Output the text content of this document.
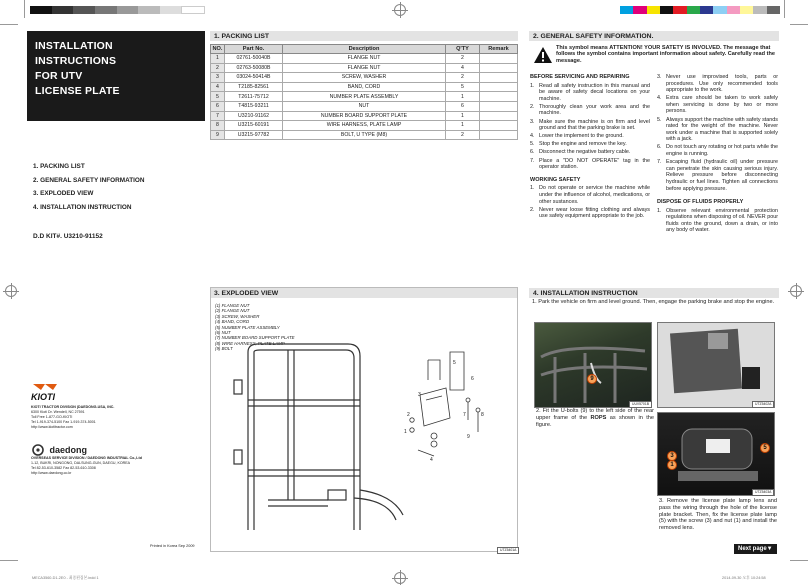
INSTALLATION
INSTRUCTIONS
FOR UTV
LICENSE PLATE
1. PACKING LIST
2. GENERAL SAFETY INFORMATION
3. EXPLODED VIEW
4. INSTALLATION INSTRUCTION
D.D KIT#. U3210-91152
KIOTI
KIOTI TRACTOR DIVISION (DAEDONG-USA, INC.
6300 Kioti Dr. Wendell, NC 27591
Toll Free 1-877-GO-KIOTI
Tel 1-919-374-5100 Fax 1-919-374-5001
http://www.kiotitractor.com
daedong
OVERSEAS SERVICE DIVISION / DAEDONG INDUSTRIAL Co.,Ltd
1-12, BUKRI, NONGONG, DALSUNG-GUN, DAEGU, KOREA
Tel 82-53-610-3582 Fax 82-53-610-3308
http://www.daedong.co.kr
Printed in Korea Sep 2009
1. PACKING LIST
NO.	Part No.	Description	Q'TY	Remark
1	02761-50040B	FLANGE NUT	2	
2	02763-50080B	FLANGE NUT	4	
3	03024-50414B	SCREW, WASHER	2	
4	T2185-82561	BAND, CORD	5	
5	T2611-75712	NUMBER PLATE ASSEMBLY	1	
6	T4815-93211	NUT	6	
7	U3210-91162	NUMBER BOARD SUPPORT PLATE	1	
8	U3215-60191	WIRE HARNESS, PLATE LAMP	1	
9	U3215-97782	BOLT, U TYPE (M8)	2	
2. GENERAL SAFETY INFORMATION.
This symbol means ATTENTION! YOUR SATETY IS INVOLVED. The message that follows the symbol contains important information about safety. Carefully read the message.
BEFORE SERVICING AND REPAIRING
1. Read all safety instruction in this manual and be aware of safety decal locations on your machine.
2. Thoroughly clean your work area and the machine.
3. Make sure the machine is on firm and level ground and that the parking brake is set.
4. Lower the implement to the ground.
5. Stop the engine and remove the key.
6. Disconnect the negative battery cable.
7. Place a "DO NOT OPERATE" tag in the operator station.
WORKING SAFETY
1. Do not operate or service the machine while under the influence of alcohol, medications, or other sustances.
2. Never wear loose fitting clothing and always use safety equipment appropriate to the job.
3. Never use improvised tools, parts or procedures. Use only recommended tools appropriate to the work.
4. Extra care should be taken to work safely when servicing is done by two or more persons.
5. Always support the machine with safety stands rated for the weight of the machine. Never work under a machine that is supported solely with a jack.
6. Do not touch any rotating or hot parts while the engine is running.
7. Escaping fluid (hydraulic oil) under pressure can penetrate the skin causing serious injury. Relieve pressure before disconnecting hydraulic or fuel lines. Tighten all connections before applying pressure.
DISPOSE OF FLUIDS PROPERLY
1. Observe relevant environmental protection regulations when disposing of oil. NEVER pour fluids onto the ground, down a drain, or into any body of water.
3. EXPLODED VIEW
(1) FLANGE NUT
(2) FLANGE NUT
(3) SCREW, WASHER
(4) BAND, CORD
(5) NUMBER PLATE ASSEMBLY
(6) NUT
(7) NUMBER BOARD SUPPORT PLATE
(8) WIRE HARNESS, PLATE LAMP
(9) BOLT
5
6
3
2	7	8
1
9
4
UTZ5401A
4. INSTALLATION INSTRUCTION
1. Park the vehicle on firm and level ground. Then, engage the parking brake and stop the engine.
2. Fit the U-bolts (9) to the left side of the rear upper frame of the ROPS as shown in the figure.
3. Remove the license plate lamp lens and pass the wiring through the hole of the license plate bracket. Then, fix the license plate lamp (5) with the screw (3) and nut (1) and install the removed lens.
UUV5701B	UTZ5402A
UTZ5403A
9
5
3
1
Next page▼
MECA3560-D1-2E0 - 최종편집본.indd 1	2014-09-30 오후 10:24:58
